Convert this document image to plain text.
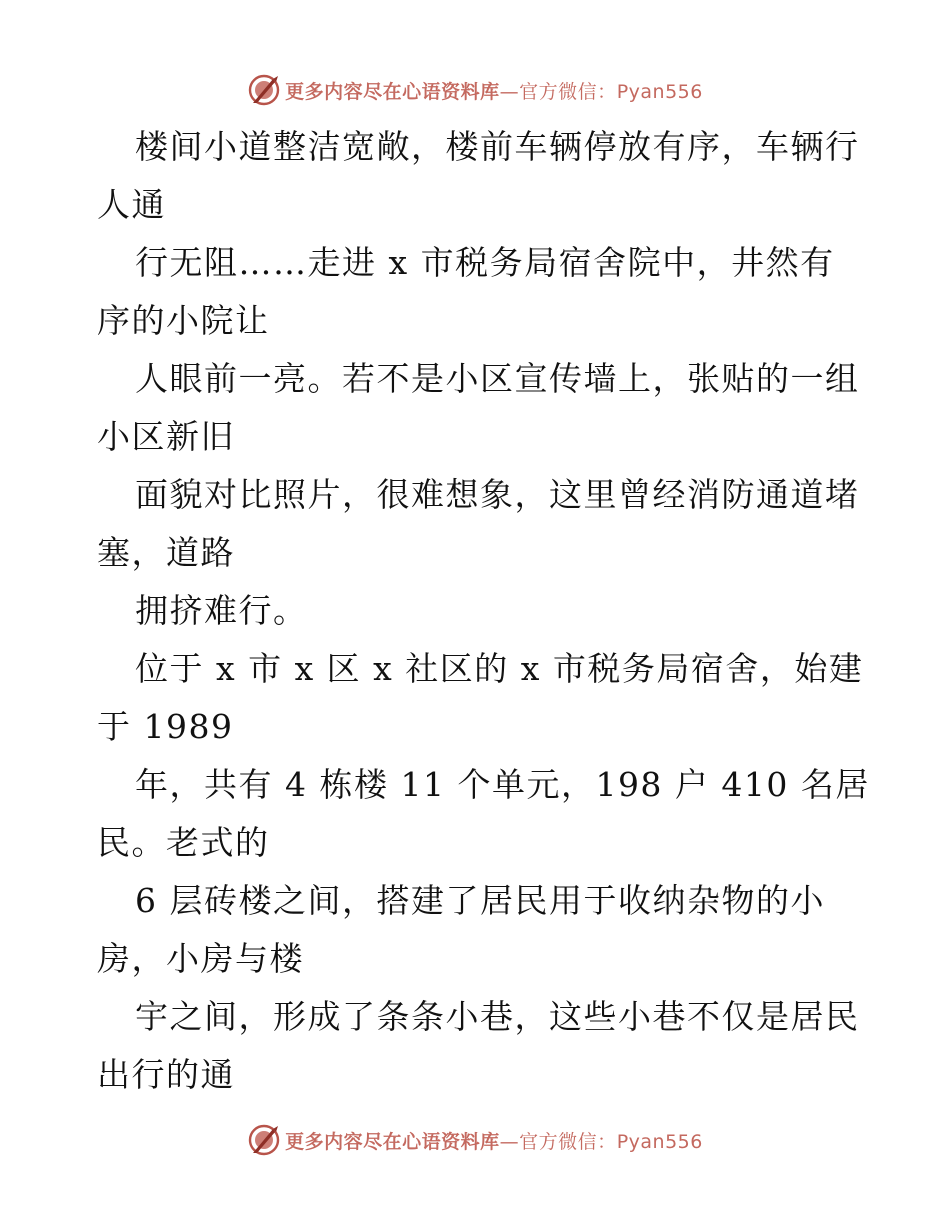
更多内容尽在心语资料库—官方微信：Pyan556
楼间小道整洁宽敞，楼前车辆停放有序，车辆行
人通
行无阻……走进 x 市税务局宿舍院中，井然有
序的小院让
人眼前一亮。若不是小区宣传墙上，张贴的一组
小区新旧
面貌对比照片，很难想象，这里曾经消防通道堵
塞，道路
拥挤难行。
位于 x 市 x 区 x 社区的 x 市税务局宿舍，始建
于 1989
年，共有 4 栋楼 11 个单元，198 户 410 名居
民。老式的
6 层砖楼之间，搭建了居民用于收纳杂物的小
房，小房与楼
宇之间，形成了条条小巷，这些小巷不仅是居民
出行的通
更多内容尽在心语资料库—官方微信：Pyan556
